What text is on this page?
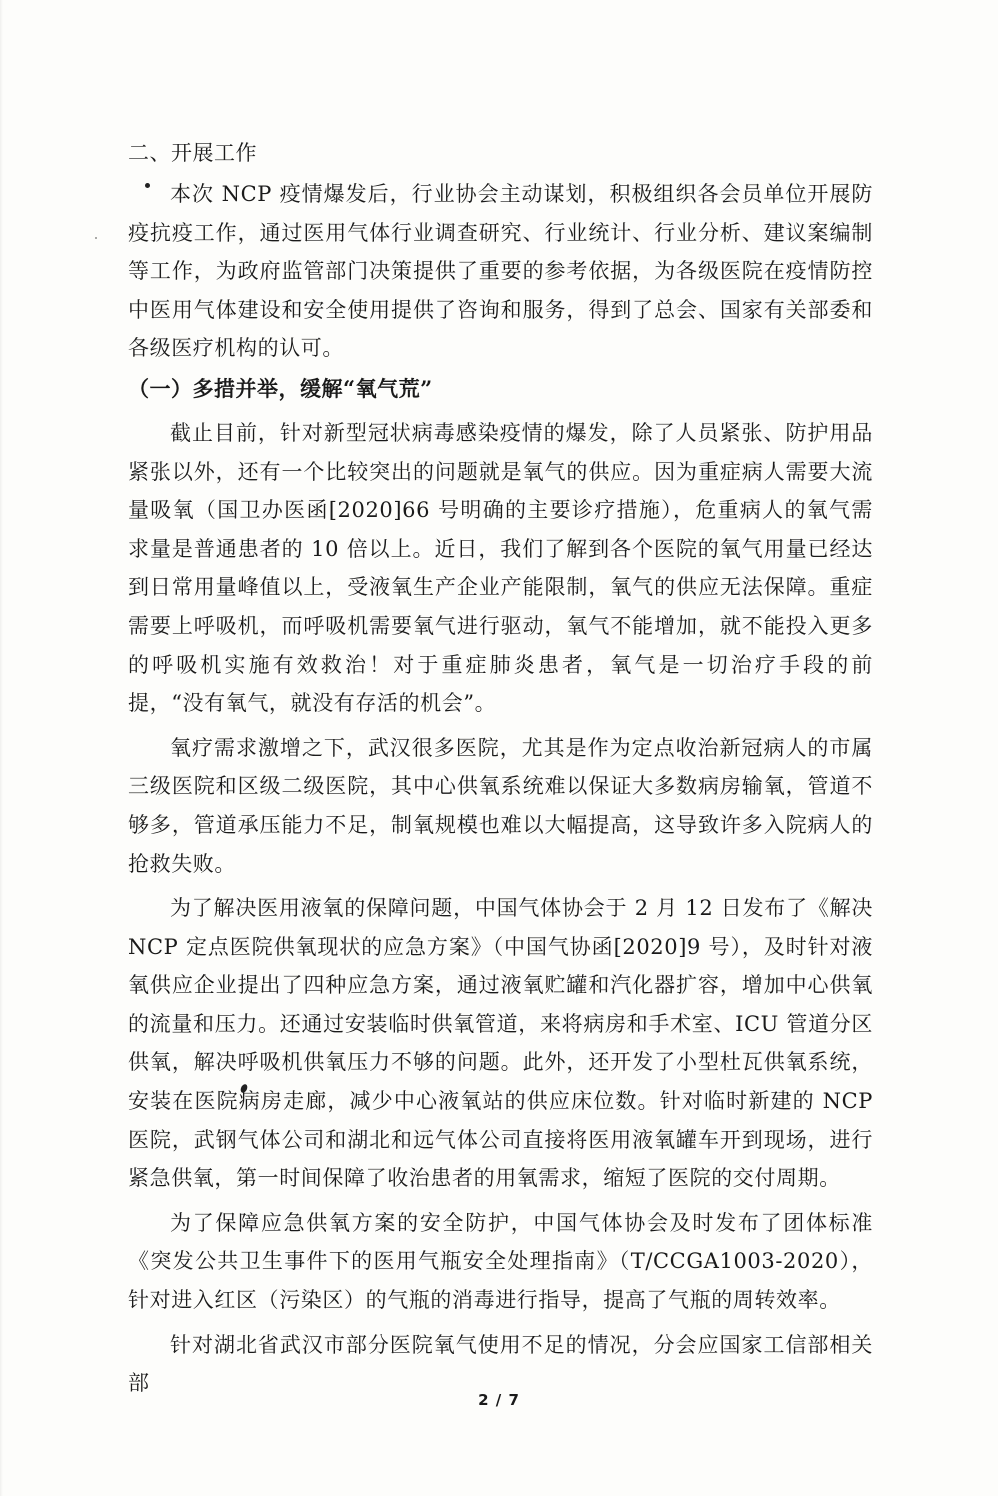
二、开展工作

本次 NCP 疫情爆发后，行业协会主动谋划，积极组织各会员单位开展防疫抗疫工作，通过医用气体行业调查研究、行业统计、行业分析、建议案编制等工作，为政府监管部门决策提供了重要的参考依据，为各级医院在疫情防控中医用气体建设和安全使用提供了咨询和服务，得到了总会、国家有关部委和各级医疗机构的认可。

（一）多措并举，缓解“氧气荒”

截止目前，针对新型冠状病毒感染疫情的爆发，除了人员紧张、防护用品紧张以外，还有一个比较突出的问题就是氧气的供应。因为重症病人需要大流量吸氧（国卫办医函[2020]66 号明确的主要诊疗措施），危重病人的氧气需求量是普通患者的 10 倍以上。近日，我们了解到各个医院的氧气用量已经达到日常用量峰值以上，受液氧生产企业产能限制，氧气的供应无法保障。重症需要上呼吸机，而呼吸机需要氧气进行驱动，氧气不能增加，就不能投入更多的呼吸机实施有效救治！对于重症肺炎患者，氧气是一切治疗手段的前提，“没有氧气，就没有存活的机会”。

氧疗需求激增之下，武汉很多医院，尤其是作为定点收治新冠病人的市属三级医院和区级二级医院，其中心供氧系统难以保证大多数病房输氧，管道不够多，管道承压能力不足，制氧规模也难以大幅提高，这导致许多入院病人的抢救失败。

为了解决医用液氧的保障问题，中国气体协会于 2 月 12 日发布了《解决 NCP 定点医院供氧现状的应急方案》（中国气协函[2020]9 号），及时针对液氧供应企业提出了四种应急方案，通过液氧贮罐和汽化器扩容，增加中心供氧的流量和压力。还通过安装临时供氧管道，来将病房和手术室、ICU 管道分区供氧，解决呼吸机供氧压力不够的问题。此外，还开发了小型杜瓦供氧系统，安装在医院病房走廊，减少中心液氧站的供应床位数。针对临时新建的 NCP 医院，武钢气体公司和湖北和远气体公司直接将医用液氧罐车开到现场，进行紧急供氧，第一时间保障了收治患者的用氧需求，缩短了医院的交付周期。

为了保障应急供氧方案的安全防护，中国气体协会及时发布了团体标准《突发公共卫生事件下的医用气瓶安全处理指南》（T/CCGA1003-2020），针对进入红区（污染区）的气瓶的消毒进行指导，提高了气瓶的周转效率。

针对湖北省武汉市部分医院氧气使用不足的情况，分会应国家工信部相关部

2 / 7
